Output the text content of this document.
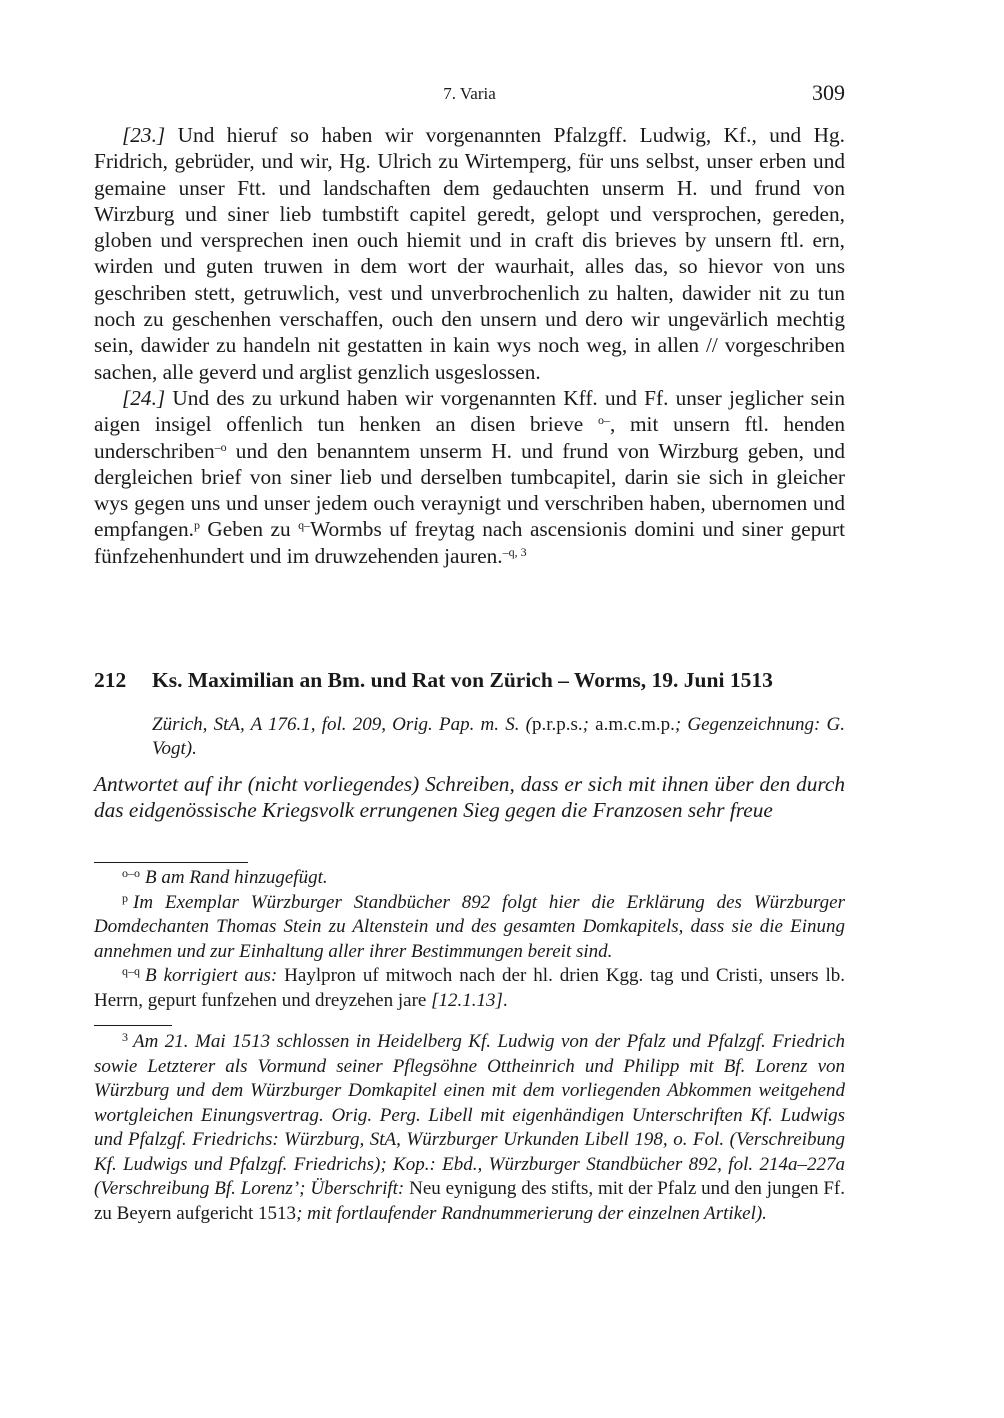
7. Varia	309

[23.] Und hieruf so haben wir vorgenannten Pfalzgff. Ludwig, Kf., und Hg. Fridrich, gebrüder, und wir, Hg. Ulrich zu Wirtemperg, für uns selbst, unser erben und gemaine unser Ftt. und landschaften dem gedauchten unserm H. und frund von Wirzburg und siner lieb tumbstift capitel geredt, gelopt und versprochen, gereden, globen und versprechen inen ouch hiemit und in craft dis brieves by unsern ftl. ern, wirden und guten truwen in dem wort der waurhait, alles das, so hievor von uns geschriben stett, getruwlich, vest und unverbrochenlich zu halten, dawider nit zu tun noch zu geschenhen verschaffen, ouch den unsern und dero wir ungevärlich mechtig sein, dawider zu handeln nit gestatten in kain wys noch weg, in allen // vorgeschriben sachen, alle geverd und arglist genzlich usgeslossen.

[24.] Und des zu urkund haben wir vorgenannten Kff. und Ff. unser jeglicher sein aigen insigel offenlich tun henken an disen brieve $^{o-}$, mit unsern ftl. henden underschriben$^{-o}$ und den benanntem unserm H. und frund von Wirzburg geben, und dergleichen brief von siner lieb und derselben tumbcapitel, darin sie sich in gleicher wys gegen uns und unser jedem ouch veraynigt und verschriben haben, ubernomen und empfangen.$^p$ Geben zu $^{q-}$Wormbs uf freytag nach ascensionis domini und siner gepurt fünfzehenhundert und im druwzehenden jauren.$^{-q, 3}$

212 Ks. Maximilian an Bm. und Rat von Zürich – Worms, 19. Juni 1513
Zürich, StA, A 176.1, fol. 209, Orig. Pap. m. S. (p.r.p.s.; a.m.c.m.p.; Gegenzeichnung: G. Vogt).
Antwortet auf ihr (nicht vorliegendes) Schreiben, dass er sich mit ihnen über den durch das eidgenössische Kriegsvolk errungenen Sieg gegen die Franzosen sehr freue

$^{o-o}$ B am Rand hinzugefügt.

$^p$ Im Exemplar Würzburger Standbücher 892 folgt hier die Erklärung des Würzburger Domdechanten Thomas Stein zu Altenstein und des gesamten Domkapitels, dass sie die Einung annehmen und zur Einhaltung aller ihrer Bestimmungen bereit sind.

$^{q-q}$ B korrigiert aus: Haylpron uf mitwoch nach der hl. drien Kgg. tag und Cristi, unsers lb. Herrn, gepurt funfzehen und dreyzehen jare [12.1.13].

$^3$ Am 21. Mai 1513 schlossen in Heidelberg Kf. Ludwig von der Pfalz und Pfalzgf. Friedrich sowie Letzterer als Vormund seiner Pflegsöhne Ottheinrich und Philipp mit Bf. Lorenz von Würzburg und dem Würzburger Domkapitel einen mit dem vorliegenden Abkommen weitgehend wortgleichen Einungsvertrag. Orig. Perg. Libell mit eigenhändigen Unterschriften Kf. Ludwigs und Pfalzgf. Friedrichs: Würzburg, StA, Würzburger Urkunden Libell 198, o. Fol. (Verschreibung Kf. Ludwigs und Pfalzgf. Friedrichs); Kop.: Ebd., Würzburger Standbücher 892, fol. 214a–227a (Verschreibung Bf. Lorenz’; Überschrift: Neu eynigung des stifts, mit der Pfalz und den jungen Ff. zu Beyern aufgericht 1513; mit fortlaufender Randnummerierung der einzelnen Artikel).
